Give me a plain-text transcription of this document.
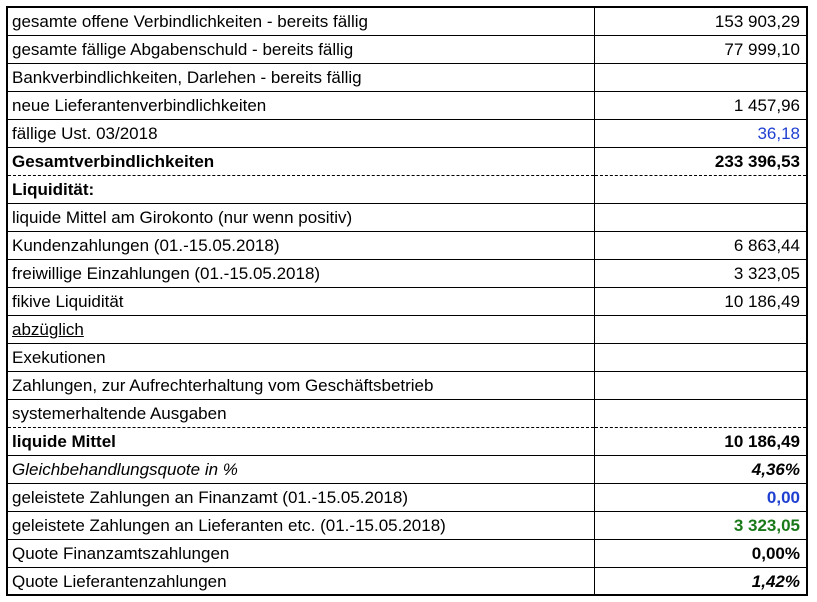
gesamte offene Verbindlichkeiten - bereits fällig	153 903,29
gesamte fällige Abgabenschuld - bereits fällig	77 999,10
Bankverbindlichkeiten, Darlehen - bereits fällig	
neue Lieferantenverbindlichkeiten	1 457,96
fällige Ust. 03/2018	36,18
Gesamtverbindlichkeiten	233 396,53
Liquidität:	
liquide Mittel am Girokonto (nur wenn positiv)	
Kundenzahlungen (01.-15.05.2018)	6 863,44
freiwillige Einzahlungen (01.-15.05.2018)	3 323,05
fikive Liquidität	10 186,49
abzüglich	
Exekutionen	
Zahlungen, zur Aufrechterhaltung vom Geschäftsbetrieb	
systemerhaltende Ausgaben	
liquide Mittel	10 186,49
Gleichbehandlungsquote in %	4,36%
geleistete Zahlungen an Finanzamt (01.-15.05.2018)	0,00
geleistete Zahlungen an Lieferanten etc. (01.-15.05.2018)	3 323,05
Quote Finanzamtszahlungen	0,00%
Quote Lieferantenzahlungen	1,42%
